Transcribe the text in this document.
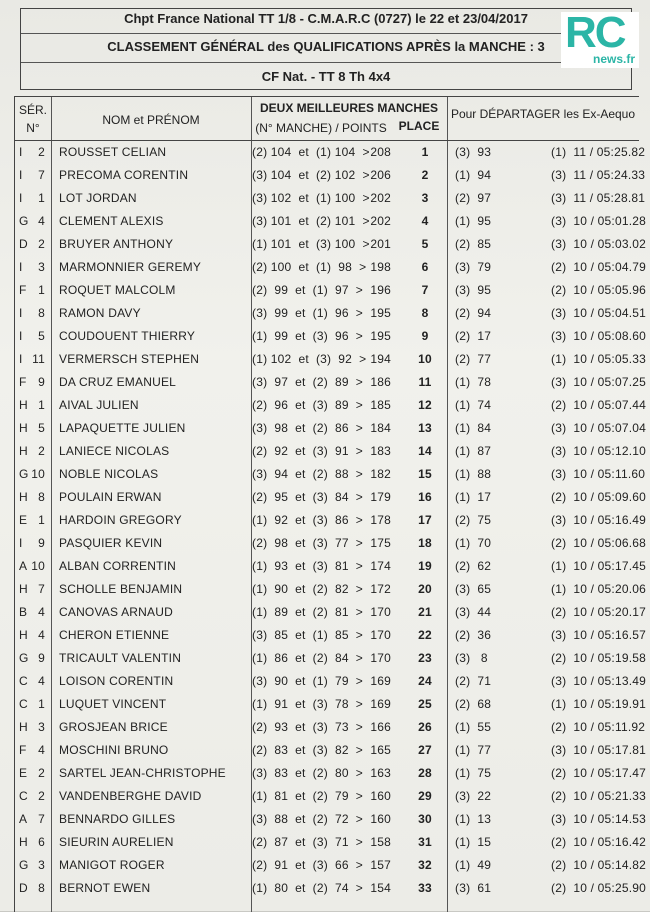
Chpt France National TT 1/8 - C.M.A.R.C (0727) le 22 et 23/04/2017
CLASSEMENT GÉNÉRAL des QUALIFICATIONS APRÈS la MANCHE : 3
CF Nat. - TT 8 Th 4x4
RC
news.fr
SÉR.
N°
NOM et PRÉNOM
DEUX MEILLEURES MANCHES
(N° MANCHE) / POINTS PLACE
Pour DÉPARTAGER les Ex-Aequo
I	2 ROUSSET CELIAN	(2) 104  et  (1) 104  > 208	1	(3)  93	(1)  11 / 05:25.82
I	7 PRECOMA CORENTIN	(3) 104  et  (2) 102  > 206	2	(1)  94	(3)  11 / 05:24.33
I	1 LOT JORDAN	(3) 102  et  (1) 100  > 202	3	(2)  97	(3)  11 / 05:28.81
G 4 CLEMENT ALEXIS	(3) 101  et  (2) 101  > 202	4	(1)  95	(3)  10 / 05:01.28
D 2 BRUYER ANTHONY	(1) 101  et  (3) 100  > 201	5	(2)  85	(3)  10 / 05:03.02
I	3 MARMONNIER GEREMY	(2) 100  et  (1)  98  > 198	6	(3)  79	(2)  10 / 05:04.79
F 1 ROQUET MALCOLM	(2)  99  et  (1)  97  > 196	7	(3)  95	(2)  10 / 05:05.96
I	8 RAMON DAVY	(3)  99  et  (1)  96  > 195	8	(2)  94	(3)  10 / 05:04.51
I	5 COUDOUENT THIERRY	(1)  99  et  (3)  96  > 195	9	(2)  17	(3)  10 / 05:08.60
I 11 VERMERSCH STEPHEN	(1) 102  et  (3)  92  > 194	10	(2)  77	(1)  10 / 05:05.33
F 9 DA CRUZ EMANUEL	(3)  97  et  (2)  89  > 186	11	(1)  78	(3)  10 / 05:07.25
H 1 AIVAL JULIEN	(2)  96  et  (3)  89  > 185	12	(1)  74	(2)  10 / 05:07.44
H 5 LAPAQUETTE JULIEN	(3)  98  et  (2)  86  > 184	13	(1)  84	(3)  10 / 05:07.04
H 2 LANIECE NICOLAS	(2)  92  et  (3)  91  > 183	14	(1)  87	(3)  10 / 05:12.10
G 10 NOBLE NICOLAS	(3)  94  et  (2)  88  > 182	15	(1)  88	(3)  10 / 05:11.60
H 8 POULAIN ERWAN	(2)  95  et  (3)  84  > 179	16	(1)  17	(2)  10 / 05:09.60
E 1 HARDOIN GREGORY	(1)  92  et  (3)  86  > 178	17	(2)  75	(3)  10 / 05:16.49
I	9 PASQUIER KEVIN	(2)  98  et  (3)  77  > 175	18	(1)  70	(2)  10 / 05:06.68
A 10 ALBAN CORRENTIN	(1)  93  et  (3)  81  > 174	19	(2)  62	(1)  10 / 05:17.45
H 7 SCHOLLE BENJAMIN	(1)  90  et  (2)  82  > 172	20	(3)  65	(1)  10 / 05:20.06
B 4 CANOVAS ARNAUD	(1)  89  et  (2)  81  > 170	21	(3)  44	(2)  10 / 05:20.17
H 4 CHERON ETIENNE	(3)  85  et  (1)  85  > 170	22	(2)  36	(3)  10 / 05:16.57
G 9 TRICAULT VALENTIN	(1)  86  et  (2)  84  > 170	23	(3)   8	(2)  10 / 05:19.58
C 4 LOISON CORENTIN	(3)  90  et  (1)  79  > 169	24	(2)  71	(3)  10 / 05:13.49
C 1 LUQUET VINCENT	(1)  91  et  (3)  78  > 169	25	(2)  68	(1)  10 / 05:19.91
H 3 GROSJEAN BRICE	(2)  93  et  (3)  73  > 166	26	(1)  55	(2)  10 / 05:11.92
F 4 MOSCHINI BRUNO	(2)  83  et  (3)  82  > 165	27	(1)  77	(3)  10 / 05:17.81
E 2 SARTEL JEAN-CHRISTOPHE (3)  83  et  (2)  80  > 163	28	(1)  75	(2)  10 / 05:17.47
C 2 VANDENBERGHE DAVID	(1)  81  et  (2)  79  > 160	29	(3)  22	(2)  10 / 05:21.33
A 7 BENNARDO GILLES	(3)  88  et  (2)  72  > 160	30	(1)  13	(3)  10 / 05:14.53
H 6 SIEURIN AURELIEN	(2)  87  et  (3)  71  > 158	31	(1)  15	(2)  10 / 05:16.42
G 3 MANIGOT ROGER	(2)  91  et  (3)  66  > 157	32	(1)  49	(2)  10 / 05:14.82
D 8 BERNOT EWEN	(1)  80  et  (2)  74  > 154	33	(3)  61	(2)  10 / 05:25.90
